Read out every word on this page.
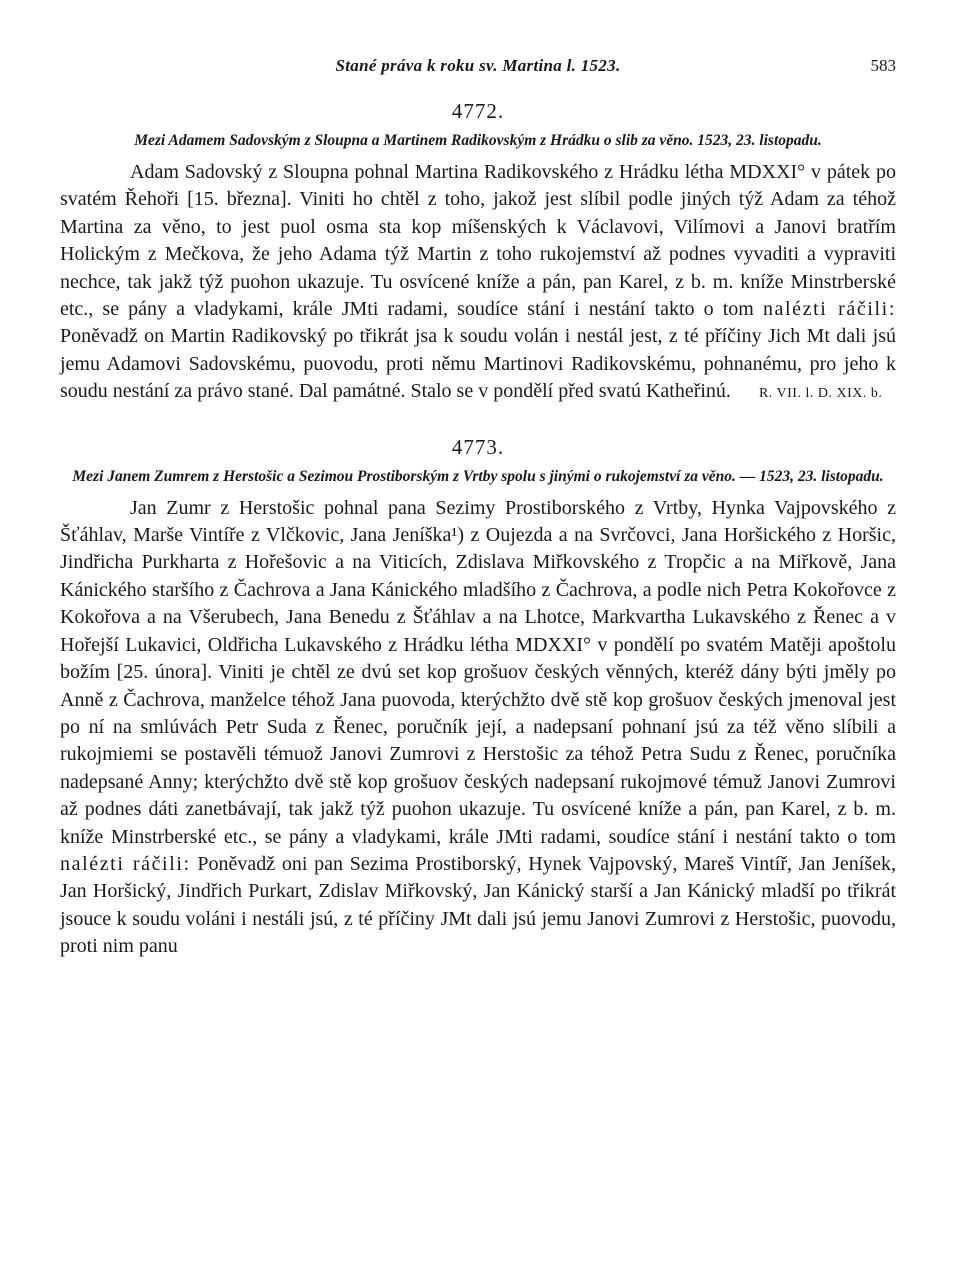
Stané práva k roku sv. Martina l. 1523.	583
4772.
Mezi Adamem Sadovským z Sloupna a Martinem Radikovským z Hrádku o slib za věno. 1523, 23. listopadu.

Adam Sadovský z Sloupna pohnal Martina Radikovského z Hrádku létha MDXXI° v pátek po svatém Řehoři [15. března]. Viniti ho chtěl z toho, jakož jest slíbil podle jiných týž Adam za téhož Martina za věno, to jest puol osma sta kop míšenských k Václavovi, Vilímovi a Janovi bratřím Holickým z Mečkova, že jeho Adama týž Martin z toho rukojemství až podnes vyvaditi a vypraviti nechce, tak jakž týž puohon ukazuje. Tu osvícené kníže a pán, pan Karel, z b. m. kníže Minstrberské etc., se pány a vladykami, krále JMti radami, soudíce stání i nestání takto o tom nalézti ráčili: Poněvadž on Martin Radikovský po třikrát jsa k soudu volán i nestál jest, z té příčiny Jich Mt dali jsú jemu Adamovi Sadovskému, puovodu, proti němu Martinovi Radikovskému, pohnanému, pro jeho k soudu nestání za právo stané. Dal památné. Stalo se v pondělí před svatú Katheřinú. R. VII. l. D. XIX. b.

4773.
Mezi Janem Zumrem z Herstošic a Sezimou Prostiborským z Vrtby spolu s jinými o rukojemství za věno. — 1523, 23. listopadu.

Jan Zumr z Herstošic pohnal pana Sezimy Prostiborského z Vrtby, Hynka Vajpovského z Šťáhlav, Marše Vintíře z Vlčkovic, Jana Jeníška¹) z Oujezda a na Svrčovci, Jana Horšického z Horšic, Jindřicha Purkharta z Hořešovic a na Viticích, Zdislava Miřkovského z Tropčic a na Miřkově, Jana Kánického staršího z Čachrova a Jana Kánického mladšího z Čachrova, a podle nich Petra Kokořovce z Kokořova a na Všerubech, Jana Benedu z Šťáhlav a na Lhotce, Markvartha Lukavského z Řenec a v Hořejší Lukavici, Oldřicha Lukavského z Hrádku létha MDXXI° v pondělí po svatém Matěji apoštolu božím [25. února]. Viniti je chtěl ze dvú set kop grošuov českých věnných, kteréž dány býti jměly po Anně z Čachrova, manželce téhož Jana puovoda, kterýchžto dvě stě kop grošuov českých jmenoval jest po ní na smlúvách Petr Suda z Řenec, poručník její, a nadepsaní pohnaní jsú za též věno slíbili a rukojmiemi se postavěli témuož Janovi Zumrovi z Herstošic za téhož Petra Sudu z Řenec, poručníka nadepsané Anny; kterýchžto dvě stě kop grošuov českých nadepsaní rukojmové témuž Janovi Zumrovi až podnes dáti zanetbávají, tak jakž týž puohon ukazuje. Tu osvícené kníže a pán, pan Karel, z b. m. kníže Minstrberské etc., se pány a vladykami, krále JMti radami, soudíce stání i nestání takto o tom nalézti ráčili: Poněvadž oni pan Sezima Prostiborský, Hynek Vajpovský, Mareš Vintíř, Jan Jeníšek, Jan Horšický, Jindřich Purkart, Zdislav Miřkovský, Jan Kánický starší a Jan Kánický mladší po třikrát jsouce k soudu voláni i nestáli jsú, z té příčiny JMt dali jsú jemu Janovi Zumrovi z Herstošic, puovodu, proti nim panu
